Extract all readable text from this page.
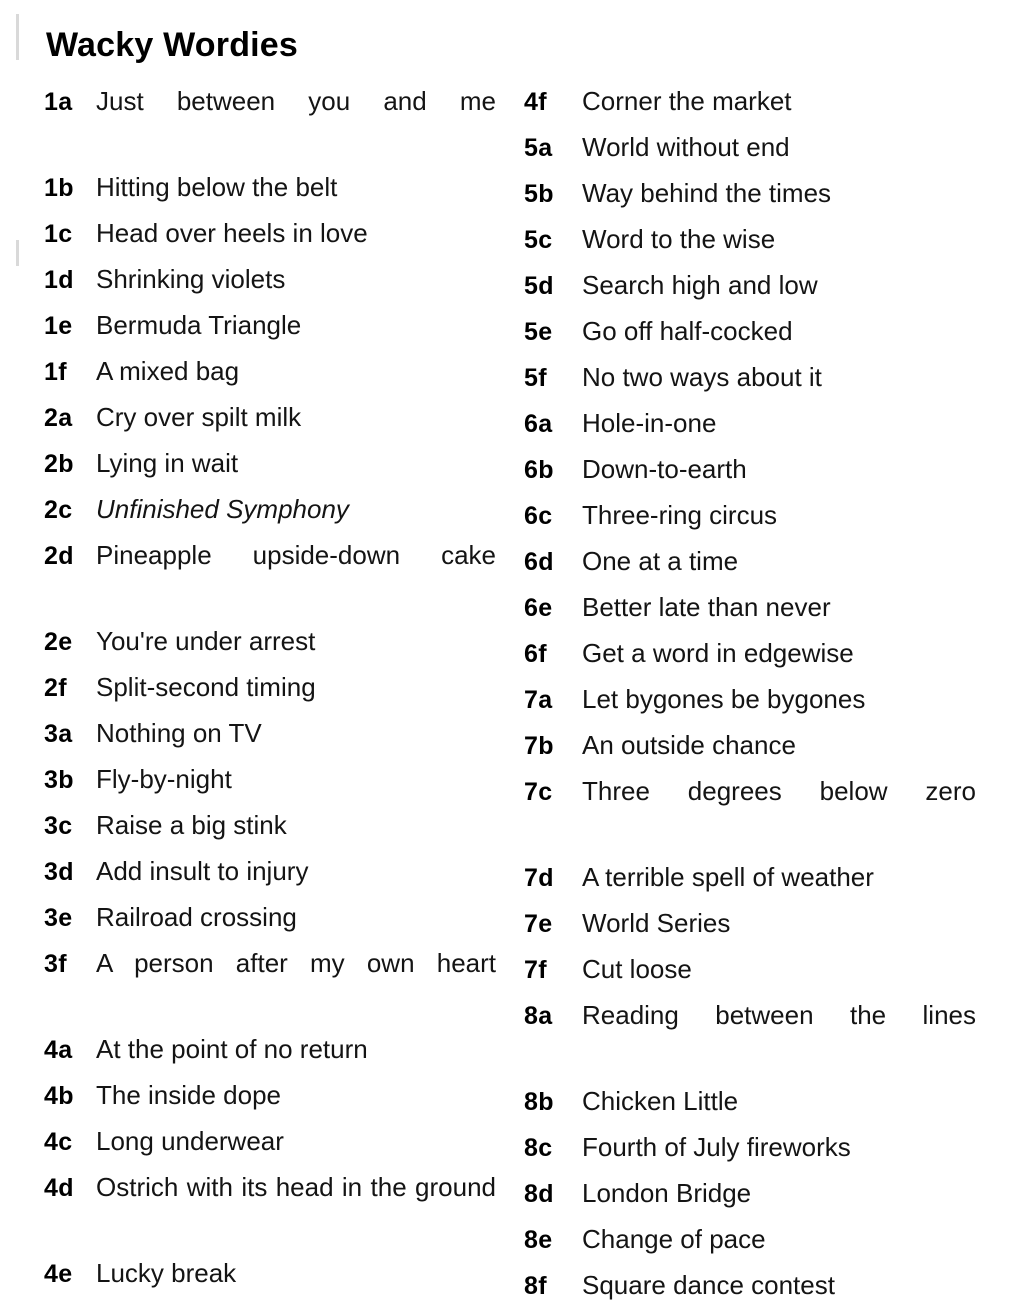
Wacky Wordies
1a Just between you and me
1b Hitting below the belt
1c Head over heels in love
1d Shrinking violets
1e Bermuda Triangle
1f	A mixed bag
2a Cry over spilt milk
2b Lying in wait
2c Unfinished Symphony
2d Pineapple upside-down cake
2e You're under arrest
2f	Split-second timing
3a Nothing on TV
3b Fly-by-night
3c Raise a big stink
3d Add insult to injury
3e Railroad crossing
3f	A person after my own heart
4a At the point of no return
4b The inside dope
4c Long underwear
4d Ostrich with its head in the ground
4e Lucky break
4f	Corner the market
5a	World without end
5b	Way behind the times
5c	Word to the wise
5d	Search high and low
5e	Go off half-cocked
5f	No two ways about it
6a	Hole-in-one
6b	Down-to-earth
6c	Three-ring circus
6d	One at a time
6e	Better late than never
6f	Get a word in edgewise
7a	Let bygones be bygones
7b	An outside chance
7c	Three degrees below zero
7d	A terrible spell of weather
7e	World Series
7f	Cut loose
8a	Reading between the lines
8b	Chicken Little
8c	Fourth of July fireworks
8d	London Bridge
8e	Change of pace
8f	Square dance contest
